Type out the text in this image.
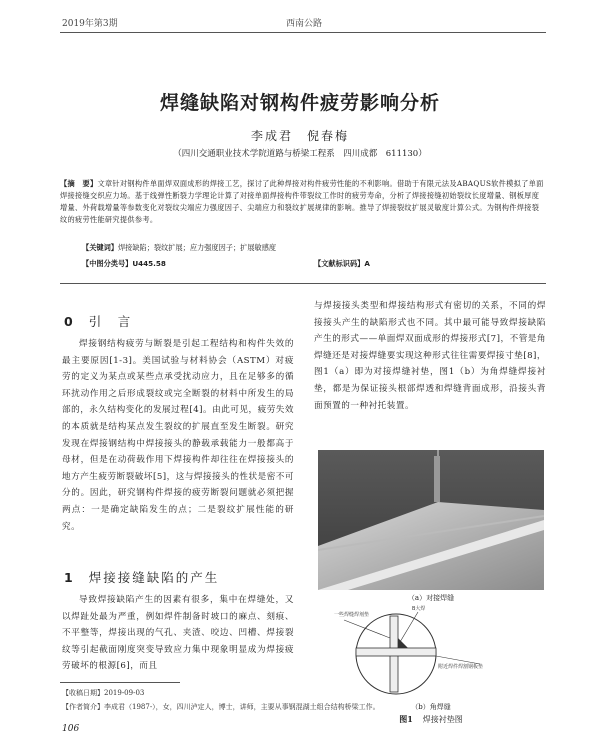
2019年第3期	西南公路
焊缝缺陷对钢构件疲劳影响分析
李成君　倪春梅
（四川交通职业技术学院道路与桥梁工程系　四川成都　611130）
【摘　要】文章针对钢构件单面焊双面成形的焊接工艺，探讨了此种焊接对构件疲劳性能的不利影响。借助于有限元法及ABAQUS软件模拟了单面焊接接缝交织应力场。基于线弹性断裂力学理论计算了对接单面焊接构件带裂纹工作时的疲劳寿命，分析了焊接接缝初始裂纹长度增量、钢板厚度增量、外荷载增量等参数变化对裂纹尖端应力强度因子、尖端应力和裂纹扩展规律的影响。推导了焊接裂纹扩展灵敏度计算公式。为钢构件焊接裂纹的疲劳性能研究提供参考。
【关键词】焊接缺陷；裂纹扩展；应力强度因子；扩展敏感度
【中图分类号】U445.58	【文献标识码】A
0 引　言
焊接钢结构疲劳与断裂是引起工程结构和构件失效的最主要原因[1-3]。美国试验与材料协会（ASTM）对疲劳的定义为某点或某些点承受扰动应力，且在足够多的循环扰动作用之后形成裂纹或完全断裂的材料中所发生的局部的，永久结构变化的发展过程[4]。由此可见，疲劳失效的本质就是结构某点发生裂纹的扩展直至发生断裂。研究发现在焊接钢结构中焊接接头的静载承载能力一般都高于母材，但是在动荷载作用下焊接构件却往往在焊接接头的地方产生疲劳断裂破坏[5]，这与焊接接头的性状是密不可分的。因此，研究钢构件焊接的疲劳断裂问题就必须把握两点：一是确定缺陷发生的点；二是裂纹扩展性能的研究。
1 焊接接缝缺陷的产生
导致焊接缺陷产生的因素有很多，集中在焊缝处，又以焊趾处最为严重，例如焊件制备时坡口的麻点、刻痕、不平整等，焊接出现的气孔、夹渣、咬边、凹槽、焊接裂纹等引起截面刚度突变导致应力集中现象明显成为焊接疲劳破坏的根源[6]，而且
与焊接接头类型和焊接结构形式有密切的关系，不同的焊接接头产生的缺陷形式也不同。其中最可能导致焊接缺陷产生的形式——单面焊双面成形的焊接形式[7]，不管是角焊缝还是对接焊缝要实现这种形式往往需要焊接寸垫[8]，图1（a）即为对接焊缝衬垫，图1（b）为角焊缝焊接衬垫，都是为保证接头根部焊透和焊缝背面成形，沿接头背面预置的一种衬托装置。
（a）对接焊缝
一些焊缝焊剂垫
B大焊
附近焊件焊割钢板垫
（b）角焊缝
图1 焊接衬垫图
【收稿日期】2019-09-03
【作者简介】李成君（1987-），女，四川泸定人，博士，讲师，主要从事钢混湖土组合结构桥梁工作。
106
